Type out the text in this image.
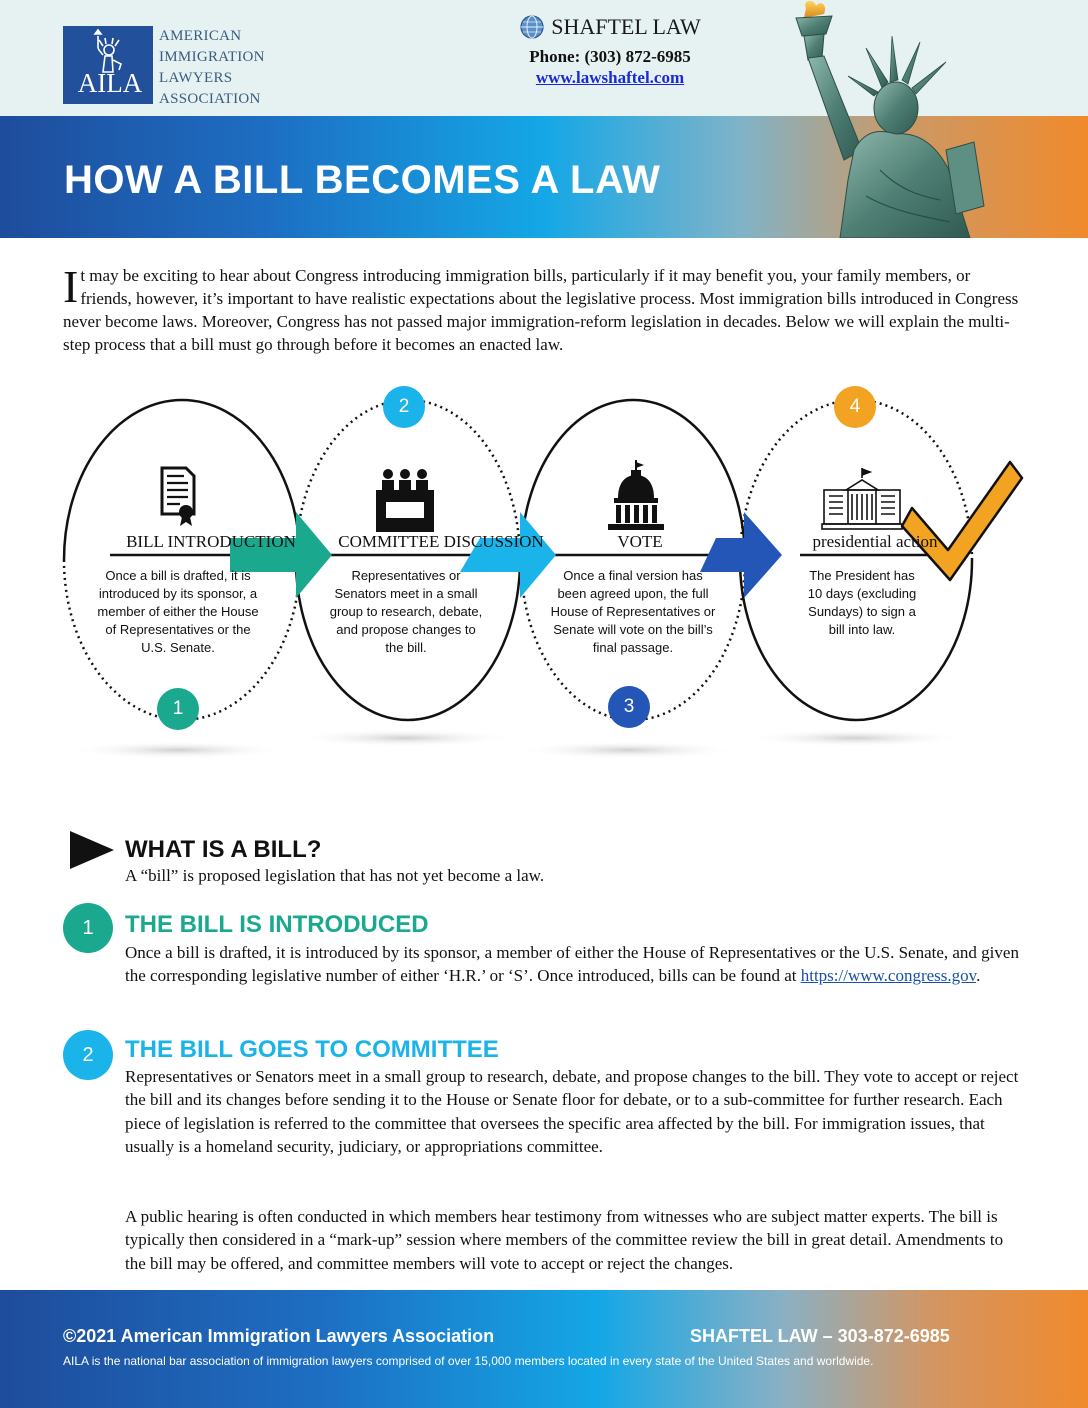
AILA
AMERICAN
IMMIGRATION
LAWYERS
ASSOCIATION
SHAFTEL LAW
Phone: (303) 872-6985
www.lawshaftel.com
HOW A BILL BECOMES A LAW
It may be exciting to hear about Congress introducing immigration bills, particularly if it may benefit you, your family members, or friends, however, it’s important to have realistic expectations about the legislative process. Most immigration bills introduced in Congress never become laws. Moreover, Congress has not passed major immigration-reform legislation in decades. Below we will explain the multi-step process that a bill must go through before it becomes an enacted law.
1
2
3
4
BILL INTRODUCTION	COMMITTEE DISCUSSION	VOTE	presidential action
Once a bill is drafted, it is introduced by its sponsor, a member of either the House of Representatives or the U.S. Senate.
Representatives or Senators meet in a small group to research, debate, and propose changes to the bill.
Once a final version has been agreed upon, the full House of Representatives or Senate will vote on the bill’s final passage.
The President has 10 days (excluding Sundays) to sign a bill into law.
WHAT IS A BILL?
A “bill” is proposed legislation that has not yet become a law.
1	THE BILL IS INTRODUCED
Once a bill is drafted, it is introduced by its sponsor, a member of either the House of Representatives or the U.S. Senate, and given the corresponding legislative number of either ‘H.R.’ or ‘S’. Once introduced, bills can be found at https://www.congress.gov.
2	THE BILL GOES TO COMMITTEE
Representatives or Senators meet in a small group to research, debate, and propose changes to the bill. They vote to accept or reject the bill and its changes before sending it to the House or Senate floor for debate, or to a sub-committee for further research. Each piece of legislation is referred to the committee that oversees the specific area affected by the bill. For immigration issues, that usually is a homeland security, judiciary, or appropriations committee.
A public hearing is often conducted in which members hear testimony from witnesses who are subject matter experts. The bill is typically then considered in a “mark-up” session where members of the committee review the bill in great detail. Amendments to the bill may be offered, and committee members will vote to accept or reject the changes.
©2021 American Immigration Lawyers Association	SHAFTEL LAW – 303-872-6985
AILA is the national bar association of immigration lawyers comprised of over 15,000 members located in every state of the United States and worldwide.
